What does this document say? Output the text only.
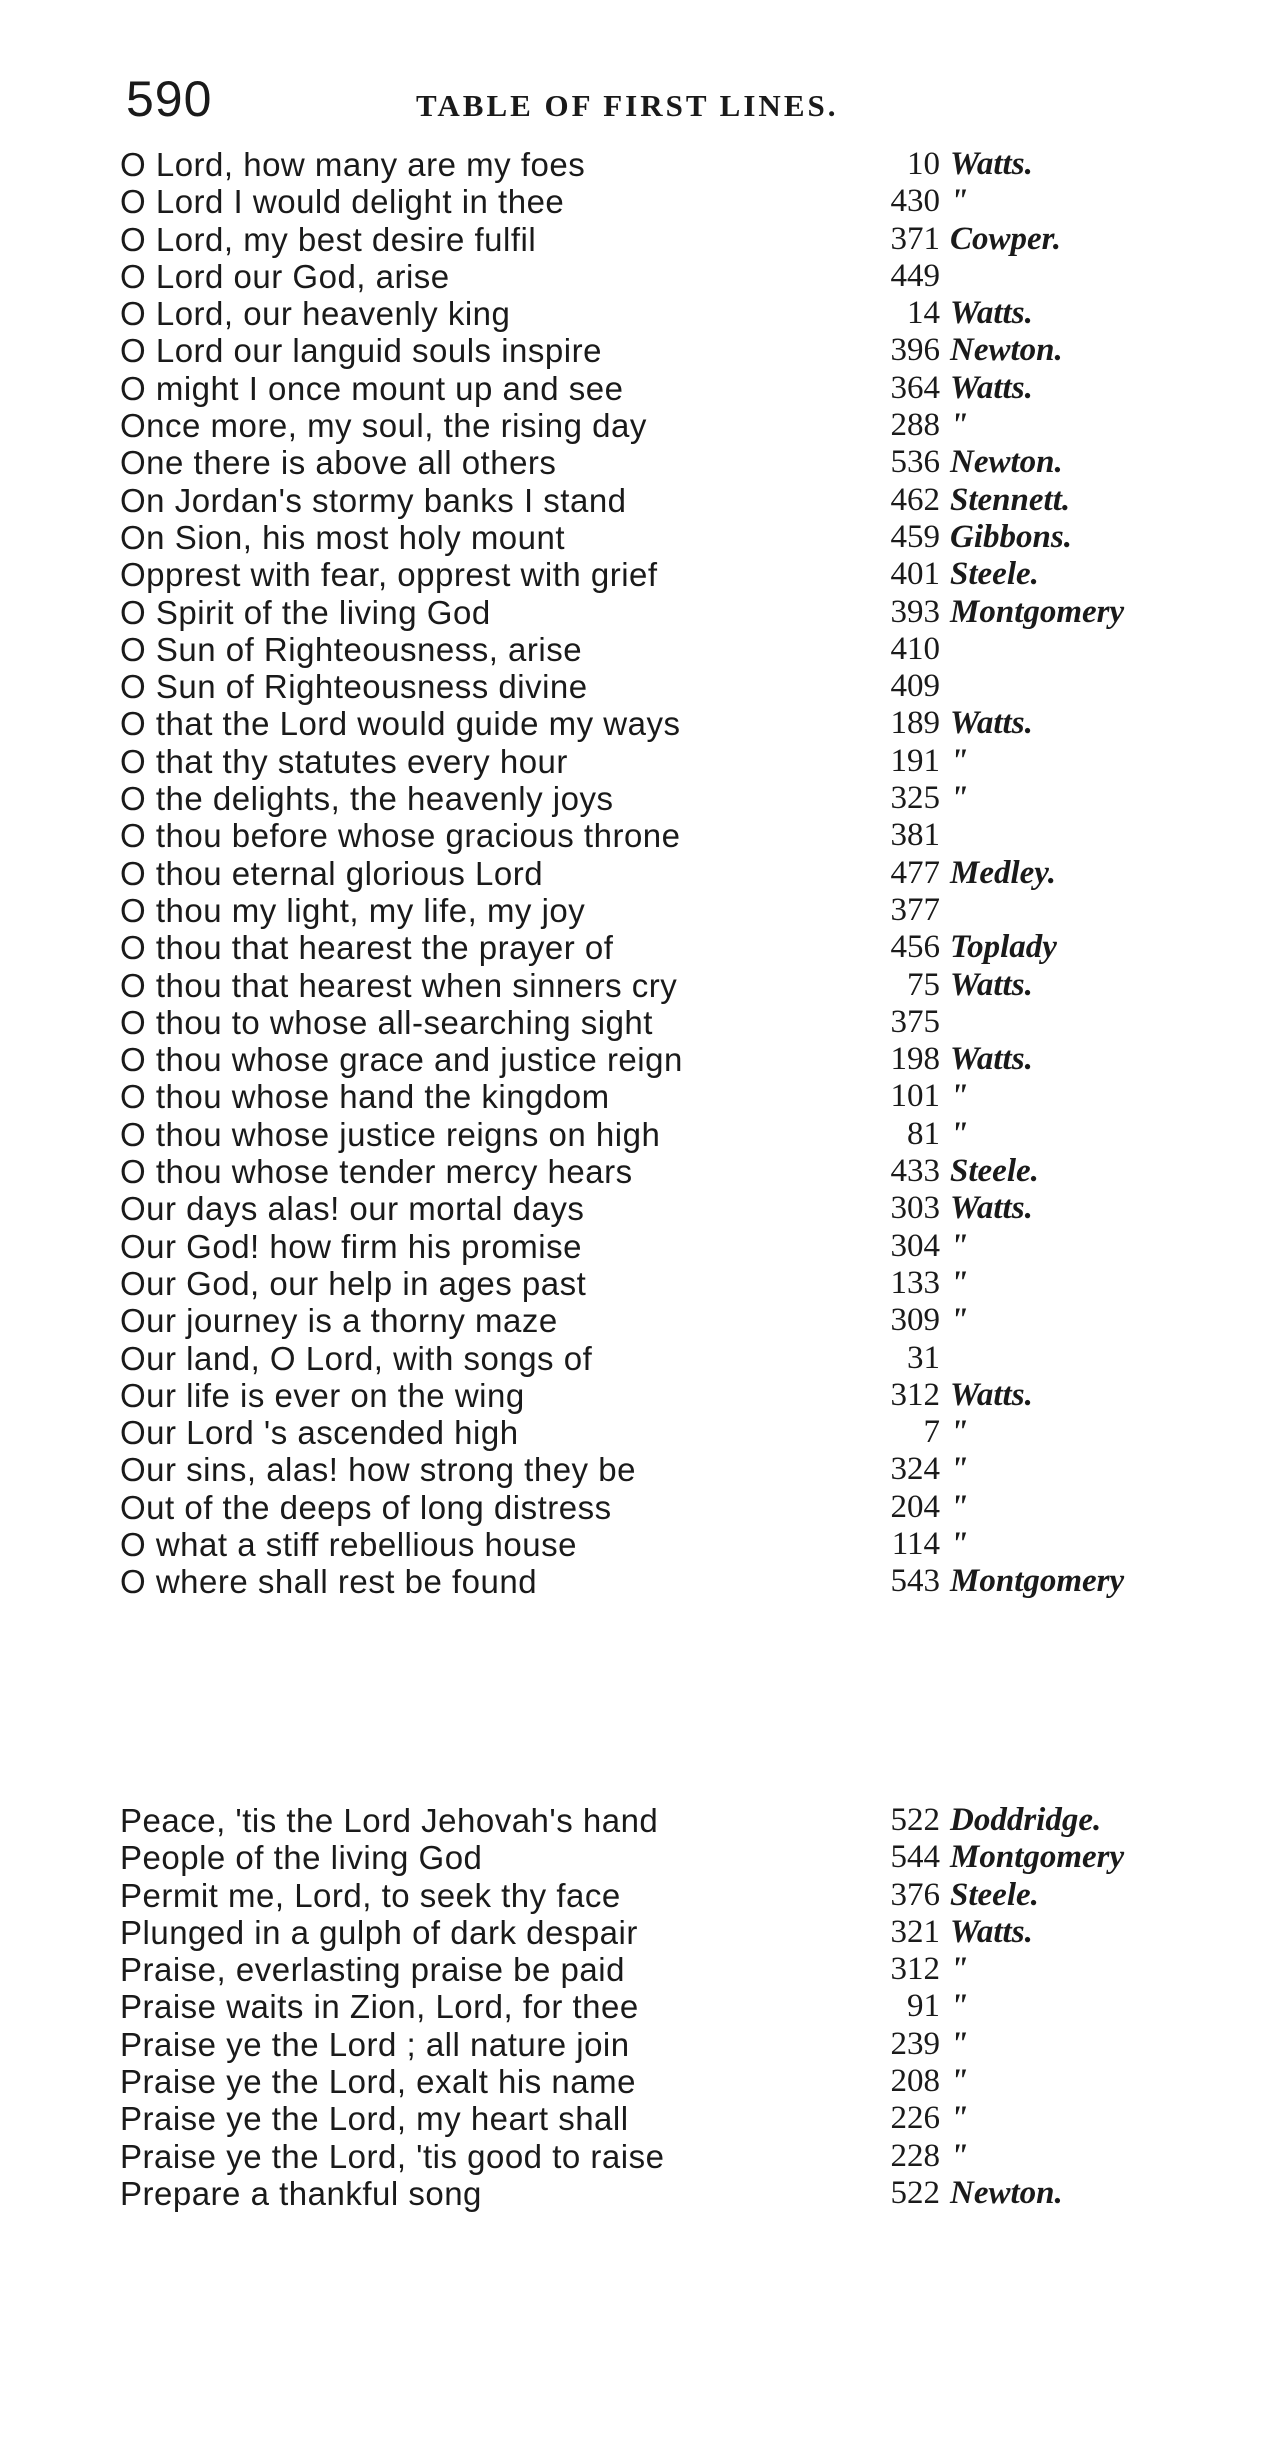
590	TABLE OF FIRST LINES.
O Lord, how many are my foes	10 Watts.
O Lord I would delight in thee	430 "
O Lord, my best desire fulfil	371 Cowper.
O Lord our God, arise	449
O Lord, our heavenly king	14 Watts.
O Lord our languid souls inspire	396 Newton.
O might I once mount up and see	364 Watts.
Once more, my soul, the rising day	288 "
One there is above all others	536 Newton.
On Jordan's stormy banks I stand	462 Stennett.
On Sion, his most holy mount	459 Gibbons.
Opprest with fear, opprest with grief	401 Steele.
O Spirit of the living God	393 Montgomery
O Sun of Righteousness, arise	410
O Sun of Righteousness divine	409
O that the Lord would guide my ways	189 Watts.
O that thy statutes every hour	191 "
O the delights, the heavenly joys	325 "
O thou before whose gracious throne	381
O thou eternal glorious Lord	477 Medley.
O thou my light, my life, my joy	377
O thou that hearest the prayer of	456 Toplady
O thou that hearest when sinners cry	75 Watts.
O thou to whose all-searching sight	375
O thou whose grace and justice reign	198 Watts.
O thou whose hand the kingdom	101 "
O thou whose justice reigns on high	81 "
O thou whose tender mercy hears	433 Steele.
Our days alas! our mortal days	303 Watts.
Our God! how firm his promise	304 "
Our God, our help in ages past	133 "
Our journey is a thorny maze	309 "
Our land, O Lord, with songs of	31
Our life is ever on the wing	312 Watts.
Our Lord 's ascended high	7 "
Our sins, alas! how strong they be	324 "
Out of the deeps of long distress	204 "
O what a stiff rebellious house	114 "
O where shall rest be found	543 Montgomery
Peace, 'tis the Lord Jehovah's hand	522 Doddridge.
People of the living God	544 Montgomery
Permit me, Lord, to seek thy face	376 Steele.
Plunged in a gulph of dark despair	321 Watts.
Praise, everlasting praise be paid	312 "
Praise waits in Zion, Lord, for thee	91 "
Praise ye the Lord ; all nature join	239 "
Praise ye the Lord, exalt his name	208 "
Praise ye the Lord, my heart shall	226 "
Praise ye the Lord, 'tis good to raise	228 "
Prepare a thankful song	522 Newton.
